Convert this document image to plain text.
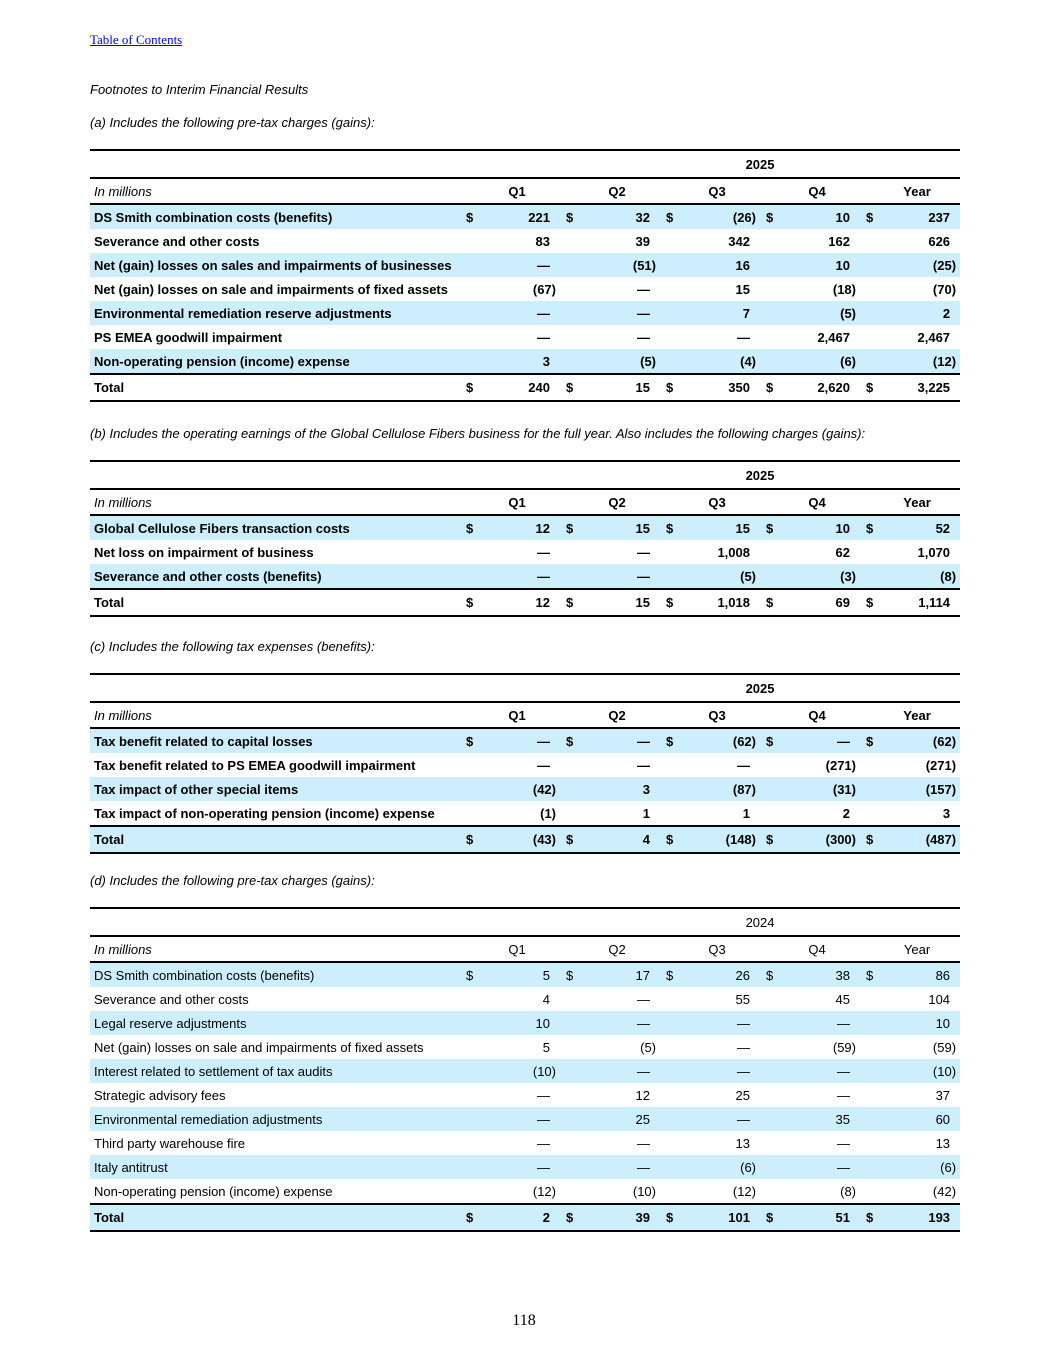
Table of Contents
Footnotes to Interim Financial Results
(a) Includes the following pre-tax charges (gains):
			2025							
In millions		Q1		Q2		Q3		Q4		Year
DS Smith combination costs (benefits)	$	221	$	32	$	(26)	$	10	$	237
Severance and other costs		83		39		342		162		626
Net (gain) losses on sales and impairments of businesses		—		(51)		16		10		(25)
Net (gain) losses on sale and impairments of fixed assets		(67)		—		15		(18)		(70)
Environmental remediation reserve adjustments		—		—		7		(5)		2
PS EMEA goodwill impairment		—		—		—		2,467		2,467
Non-operating pension (income) expense		3		(5)		(4)		(6)		(12)
Total	$	240	$	15	$	350	$	2,620	$	3,225
(b) Includes the operating earnings of the Global Cellulose Fibers business for the full year. Also includes the following charges (gains):
			2025							
In millions		Q1		Q2		Q3		Q4		Year
Global Cellulose Fibers transaction costs	$	12	$	15	$	15	$	10	$	52
Net loss on impairment of business		—		—		1,008		62		1,070
Severance and other costs (benefits)		—		—		(5)		(3)		(8)
Total	$	12	$	15	$	1,018	$	69	$	1,114
(c) Includes the following tax expenses (benefits):
			2025							
In millions		Q1		Q2		Q3		Q4		Year
Tax benefit related to capital losses	$	—	$	—	$	(62)	$	—	$	(62)
Tax benefit related to PS EMEA goodwill impairment		—		—		—		(271)		(271)
Tax impact of other special items		(42)		3		(87)		(31)		(157)
Tax impact of non-operating pension (income) expense		(1)		1		1		2		3
Total	$	(43)	$	4	$	(148)	$	(300)	$	(487)
(d) Includes the following pre-tax charges (gains):
			2024							
In millions		Q1		Q2		Q3		Q4		Year
DS Smith combination costs (benefits)	$	5	$	17	$	26	$	38	$	86
Severance and other costs		4		—		55		45		104
Legal reserve adjustments		10		—		—		—		10
Net (gain) losses on sale and impairments of fixed assets		5		(5)		—		(59)		(59)
Interest related to settlement of tax audits		(10)		—		—		—		(10)
Strategic advisory fees		—		12		25		—		37
Environmental remediation adjustments		—		25		—		35		60
Third party warehouse fire		—		—		13		—		13
Italy antitrust		—		—		(6)		—		(6)
Non-operating pension (income) expense		(12)		(10)		(12)		(8)		(42)
Total	$	2	$	39	$	101	$	51	$	193
118
